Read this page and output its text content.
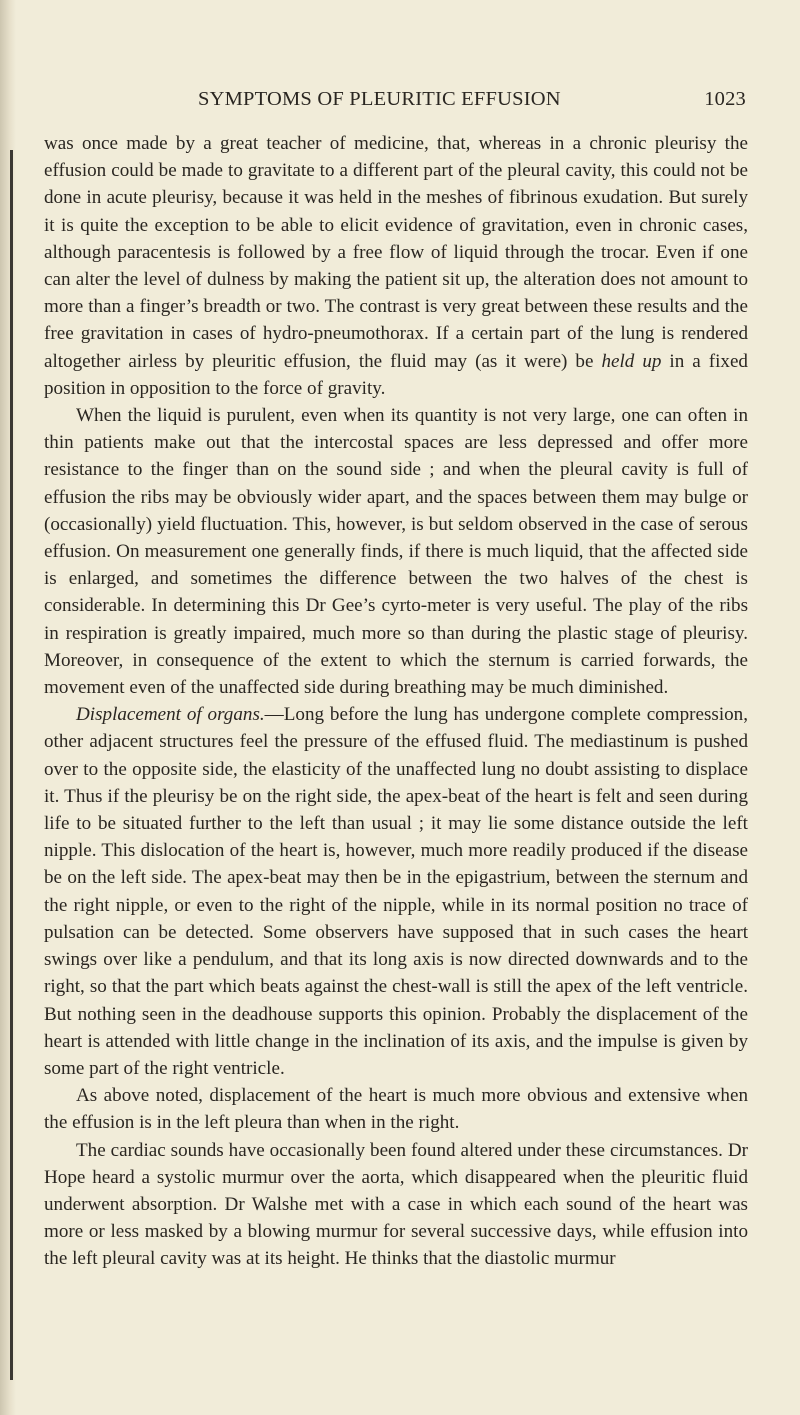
SYMPTOMS OF PLEURITIC EFFUSION	1023

was once made by a great teacher of medicine, that, whereas in a chronic pleurisy the effusion could be made to gravitate to a different part of the pleural cavity, this could not be done in acute pleurisy, because it was held in the meshes of fibrinous exudation. But surely it is quite the exception to be able to elicit evidence of gravitation, even in chronic cases, although paracentesis is followed by a free flow of liquid through the trocar. Even if one can alter the level of dulness by making the patient sit up, the alteration does not amount to more than a finger’s breadth or two. The contrast is very great between these results and the free gravitation in cases of hydro-pneumothorax. If a certain part of the lung is rendered altogether airless by pleuritic effusion, the fluid may (as it were) be held up in a fixed position in opposition to the force of gravity.

When the liquid is purulent, even when its quantity is not very large, one can often in thin patients make out that the intercostal spaces are less depressed and offer more resistance to the finger than on the sound side ; and when the pleural cavity is full of effusion the ribs may be obviously wider apart, and the spaces between them may bulge or (occasionally) yield fluctuation. This, however, is but seldom observed in the case of serous effusion. On measurement one generally finds, if there is much liquid, that the affected side is enlarged, and sometimes the difference between the two halves of the chest is considerable. In determining this Dr Gee’s cyrto-meter is very useful. The play of the ribs in respiration is greatly impaired, much more so than during the plastic stage of pleurisy. Moreover, in consequence of the extent to which the sternum is carried forwards, the movement even of the unaffected side during breathing may be much diminished.

Displacement of organs.—Long before the lung has undergone complete compression, other adjacent structures feel the pressure of the effused fluid. The mediastinum is pushed over to the opposite side, the elasticity of the unaffected lung no doubt assisting to displace it. Thus if the pleurisy be on the right side, the apex-beat of the heart is felt and seen during life to be situated further to the left than usual ; it may lie some distance outside the left nipple. This dislocation of the heart is, however, much more readily produced if the disease be on the left side. The apex-beat may then be in the epigastrium, between the sternum and the right nipple, or even to the right of the nipple, while in its normal position no trace of pulsation can be detected. Some observers have supposed that in such cases the heart swings over like a pendulum, and that its long axis is now directed downwards and to the right, so that the part which beats against the chest-wall is still the apex of the left ventricle. But nothing seen in the deadhouse supports this opinion. Probably the displacement of the heart is attended with little change in the inclination of its axis, and the impulse is given by some part of the right ventricle.

As above noted, displacement of the heart is much more obvious and extensive when the effusion is in the left pleura than when in the right.

The cardiac sounds have occasionally been found altered under these circumstances. Dr Hope heard a systolic murmur over the aorta, which disappeared when the pleuritic fluid underwent absorption. Dr Walshe met with a case in which each sound of the heart was more or less masked by a blowing murmur for several successive days, while effusion into the left pleural cavity was at its height. He thinks that the diastolic murmur
